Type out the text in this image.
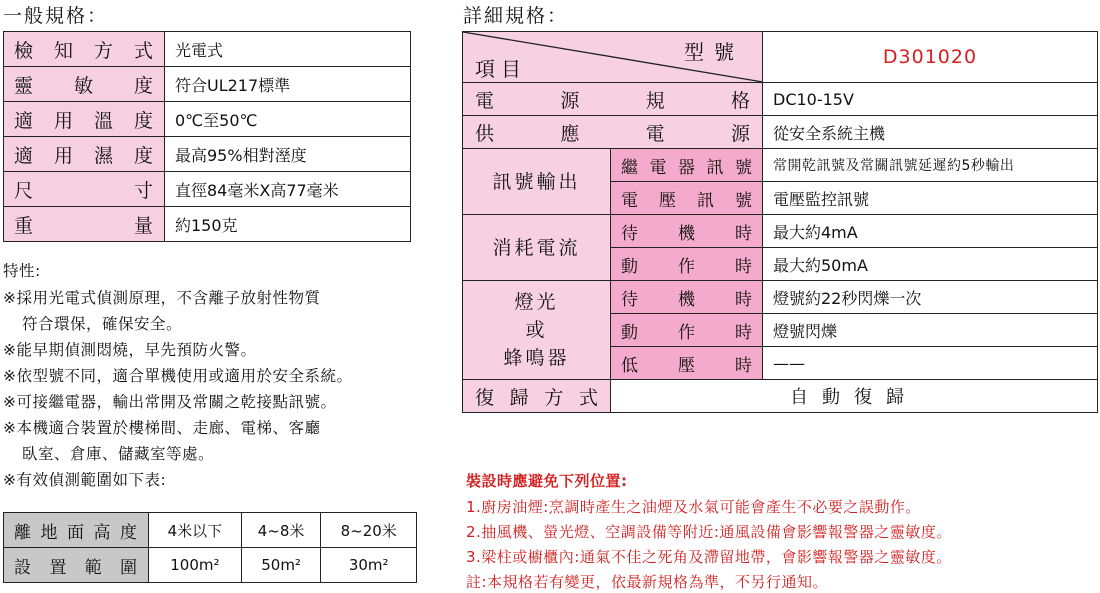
一般規格：
檢知方式	光電式
靈敏度	符合UL217標準
適用溫度	0℃至50℃
適用濕度	最高95%相對溼度
尺寸	直徑84毫米X高77毫米
重量	約150克
特性:
※採用光電式偵測原理，不含離子放射性物質
符合環保，確保安全。
※能早期偵測悶燒，早先預防火警。
※依型號不同，適合單機使用或適用於安全系統。
※可接繼電器，輸出常開及常關之乾接點訊號。
※本機適合裝置於樓梯間、走廊、電梯、客廳
臥室、倉庫、儲藏室等處。
※有效偵測範圍如下表:
離地面高度	4米以下	4~8米	8~20米
設置範圍	100m²	50m²	30m²
詳細規格：
項目
型號		D301020
電源規格		DC10-15V
供應電源		從安全系統主機
訊號輸出	繼電器訊號	常開乾訊號及常關訊號延遲約5秒輸出
	電壓訊號	電壓監控訊號
消耗電流	待機時	最大約4mA
	動作時	最大約50mA

燈光
或
蜂鳴器	待機時	燈號約22秒閃爍一次
	動作時	燈號閃爍
	低壓時	——
復歸方式	自動復歸	
裝設時應避免下列位置:
1.廚房油煙:烹調時產生之油煙及水氣可能會產生不必要之誤動作。
2.抽風機、螢光燈、空調設備等附近:通風設備會影響報警器之靈敏度。
3.梁柱或櫥櫃內:通氣不佳之死角及滯留地帶，會影響報警器之靈敏度。
註:本規格若有變更，依最新規格為準，不另行通知。
